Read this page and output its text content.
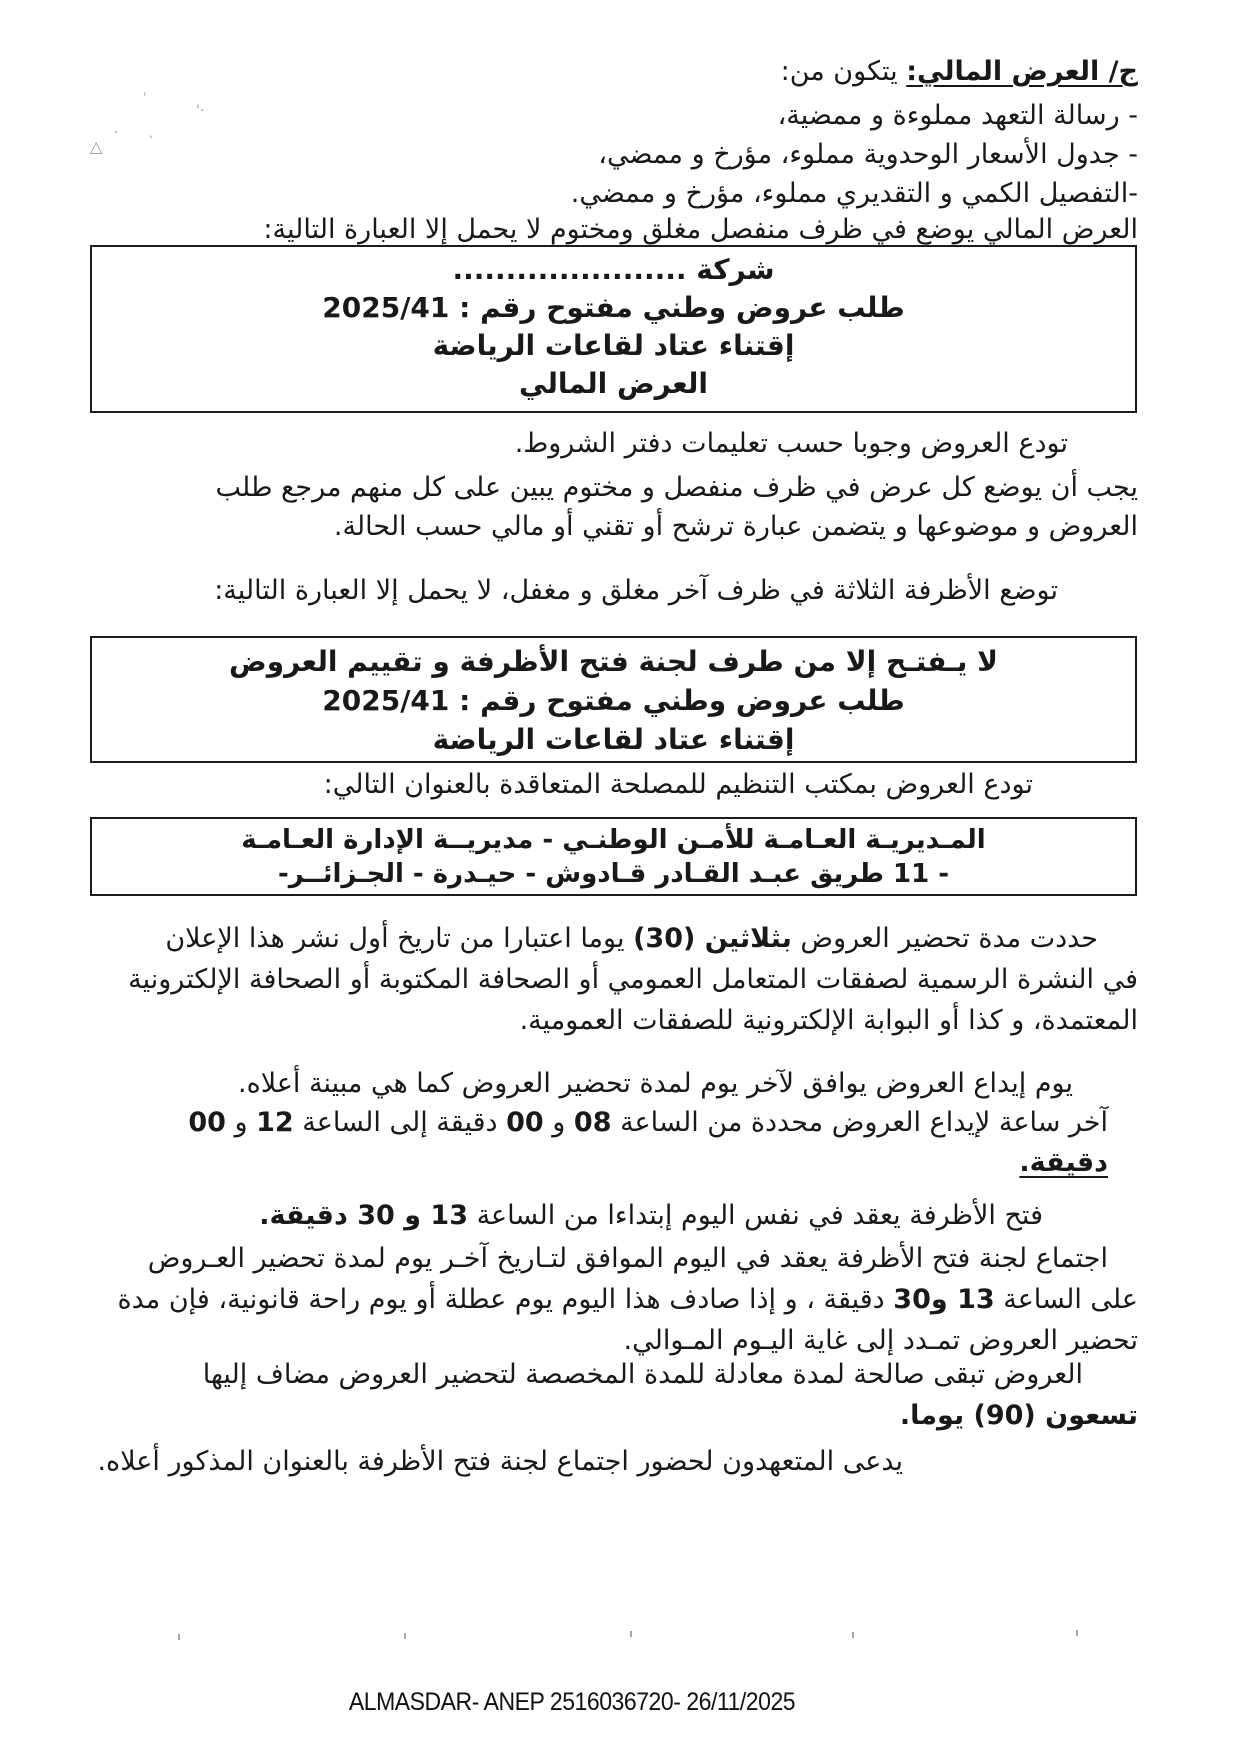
`
·'
·
`
△
ج/ العرض المالي: يتكون من:
- رسالة التعهد مملوءة و ممضية،
- جدول الأسعار الوحدوية مملوء، مؤرخ و ممضي،
-التفصيل الكمي و التقديري مملوء، مؤرخ و ممضي.
العرض المالي يوضع في ظرف منفصل مغلق ومختوم لا يحمل إلا العبارة التالية:
شركة ......................
طلب عروض وطني مفتوح رقم : 2025/41
إقتناء عتاد لقاعات الرياضة
العرض المالي
تودع العروض وجوبا حسب تعليمات دفتر الشروط.
يجب أن يوضع كل عرض في ظرف منفصل و مختوم يبين على كل منهم مرجع طلب
العروض و موضوعها و يتضمن عبارة ترشح أو تقني أو مالي حسب الحالة.
توضع الأظرفة الثلاثة في ظرف آخر مغلق و مغفل، لا يحمل إلا العبارة التالية:
لا يـفتـح إلا من طرف لجنة فتح الأظرفة و تقييم العروض
طلب عروض وطني مفتوح رقم : 2025/41
إقتناء عتاد لقاعات الرياضة
تودع العروض بمكتب التنظيم للمصلحة المتعاقدة بالعنوان التالي:
المـديريـة العـامـة للأمـن الوطنـي - مديريــة الإدارة العـامـة
- 11 طريق عبـد القـادر قـادوش - حيـدرة - الجـزائــر-
حددت مدة تحضير العروض بثلاثين (30) يوما اعتبارا من تاريخ أول نشر هذا الإعلان
في النشرة الرسمية لصفقات المتعامل العمومي أو الصحافة المكتوبة أو الصحافة الإلكترونية
المعتمدة، و كذا أو البوابة الإلكترونية للصفقات العمومية.
يوم إيداع العروض يوافق لآخر يوم لمدة تحضير العروض كما هي مبينة أعلاه.
آخر ساعة لإيداع العروض محددة من الساعة 08 و 00 دقيقة إلى الساعة 12 و 00
دقيقة.
فتح الأظرفة يعقد في نفس اليوم إبتداءا من الساعة 13 و 30 دقيقة.
اجتماع لجنة فتح الأظرفة يعقد في اليوم الموافق لتـاريخ آخـر يوم لمدة تحضير العـروض
على الساعة 13 و30 دقيقة ، و إذا صادف هذا اليوم يوم عطلة أو يوم راحة قانونية، فإن مدة
تحضير العروض تمـدد إلى غاية اليـوم المـوالي.
العروض تبقى صالحة لمدة معادلة للمدة المخصصة لتحضير العروض مضاف إليها
تسعون (90) يوما.
يدعى المتعهدون لحضور اجتماع لجنة فتح الأظرفة بالعنوان المذكور أعلاه.
ALMASDAR- ANEP 2516036720- 26/11/2025
